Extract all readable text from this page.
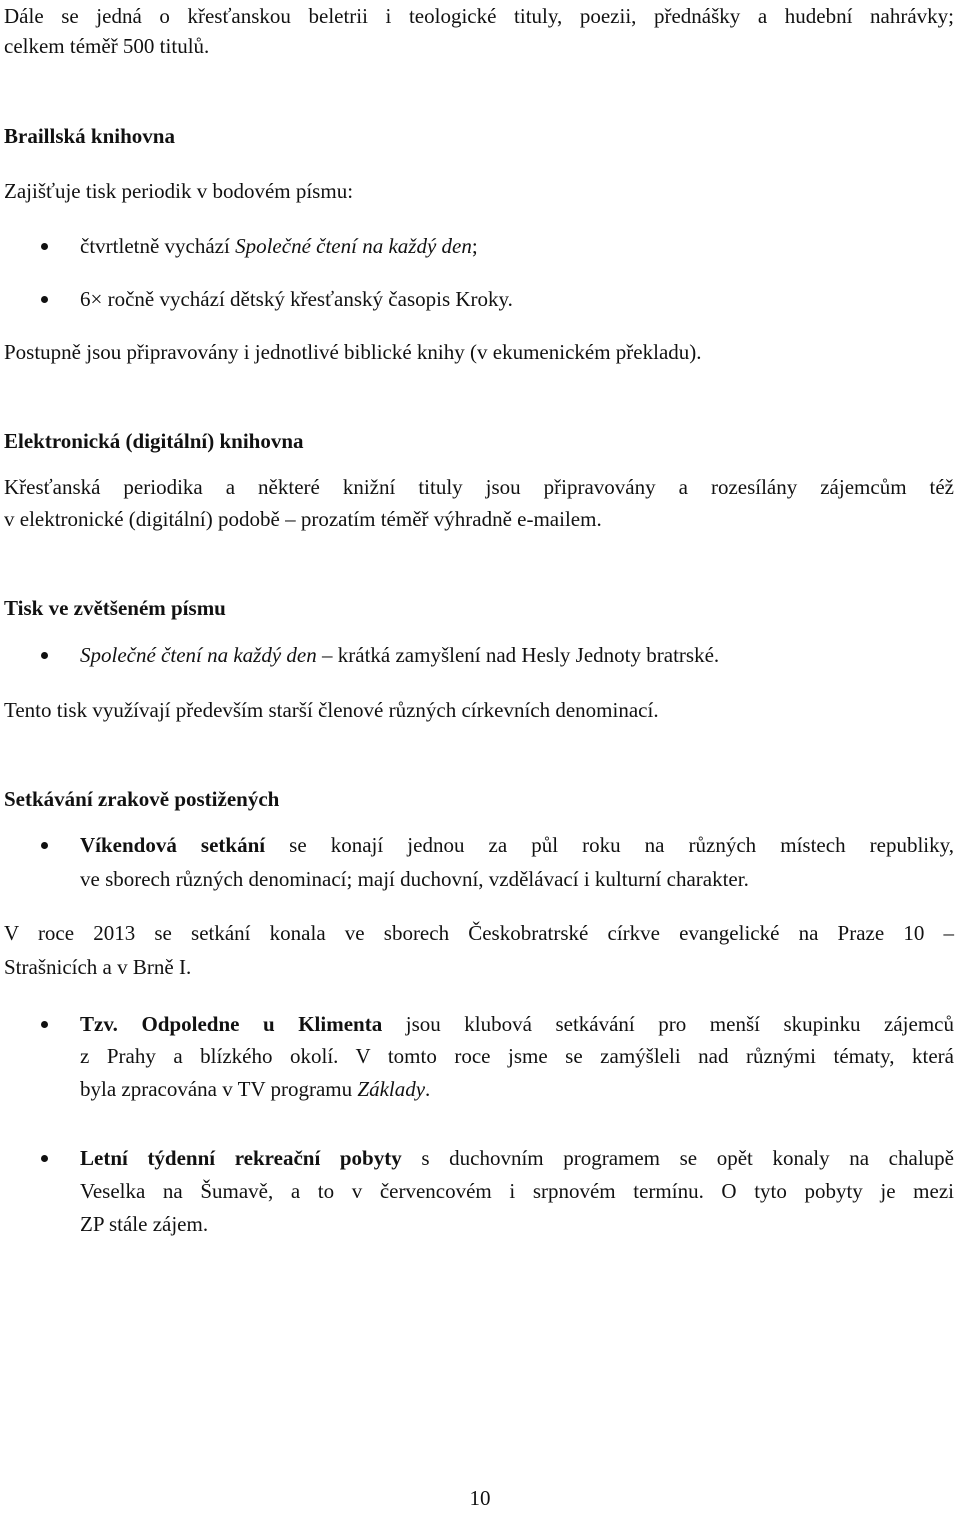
Dále se jedná o křesťanskou beletrii i teologické tituly, poezii, přednášky a hudební nahrávky;
celkem téměř 500 titulů.
Braillská knihovna
Zajišťuje tisk periodik v bodovém písmu:
čtvrtletně vychází Společné čtení na každý den;
6× ročně vychází dětský křesťanský časopis Kroky.
Postupně jsou připravovány i jednotlivé biblické knihy (v ekumenickém překladu).
Elektronická (digitální) knihovna
Křesťanská periodika a některé knižní tituly jsou připravovány a rozesílány zájemcům též
v elektronické (digitální) podobě – prozatím téměř výhradně e-mailem.
Tisk ve zvětšeném písmu
Společné čtení na každý den – krátká zamyšlení nad Hesly Jednoty bratrské.
Tento tisk využívají především starší členové různých církevních denominací.
Setkávání zrakově postižených
Víkendová setkání se konají jednou za půl roku na různých místech republiky,
ve sborech různých denominací; mají duchovní, vzdělávací i kulturní charakter.
V roce 2013 se setkání konala ve sborech Českobratrské církve evangelické na Praze 10 –
Strašnicích a v Brně I.
Tzv. Odpoledne u Klimenta jsou klubová setkávání pro menší skupinku zájemců
z Prahy a blízkého okolí. V tomto roce jsme se zamýšleli nad různými tématy, která
byla zpracována v TV programu Základy.
Letní týdenní rekreační pobyty s duchovním programem se opět konaly na chalupě
Veselka na Šumavě, a to v červencovém i srpnovém termínu. O tyto pobyty je mezi
ZP stále zájem.
10
